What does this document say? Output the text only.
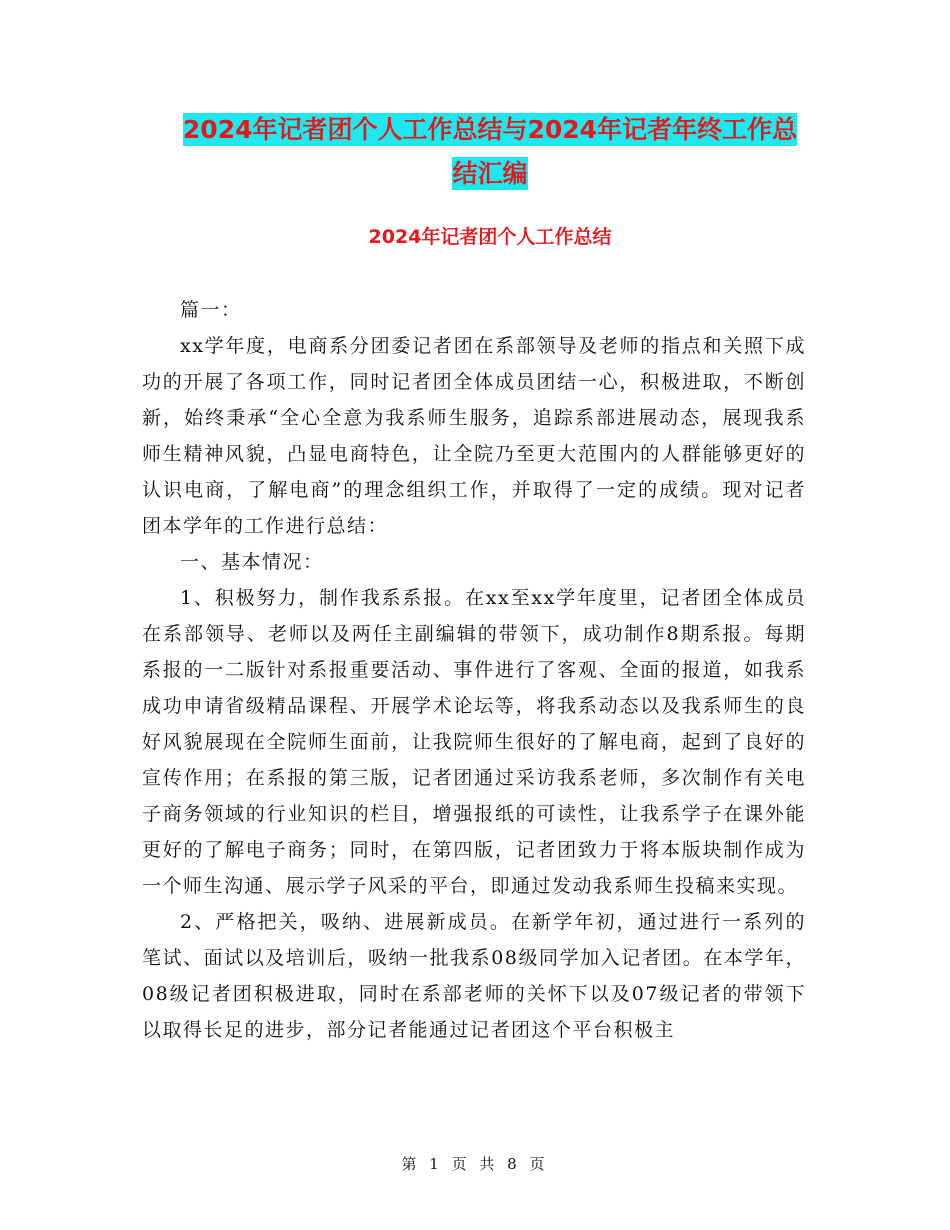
2024年记者团个人工作总结与2024年记者年终工作总
结汇编
2024年记者团个人工作总结

篇一：

xx学年度，电商系分团委记者团在系部领导及老师的指点和关照下成功的开展了各项工作，同时记者团全体成员团结一心，积极进取，不断创新，始终秉承“全心全意为我系师生服务，追踪系部进展动态，展现我系师生精神风貌，凸显电商特色，让全院乃至更大范围内的人群能够更好的认识电商，了解电商”的理念组织工作，并取得了一定的成绩。现对记者团本学年的工作进行总结：

一、基本情况：

1、积极努力，制作我系系报。在xx至xx学年度里，记者团全体成员在系部领导、老师以及两任主副编辑的带领下，成功制作8期系报。每期系报的一二版针对系报重要活动、事件进行了客观、全面的报道，如我系成功申请省级精品课程、开展学术论坛等，将我系动态以及我系师生的良好风貌展现在全院师生面前，让我院师生很好的了解电商，起到了良好的宣传作用；在系报的第三版，记者团通过采访我系老师，多次制作有关电子商务领域的行业知识的栏目，增强报纸的可读性，让我系学子在课外能更好的了解电子商务；同时，在第四版，记者团致力于将本版块制作成为一个师生沟通、展示学子风采的平台，即通过发动我系师生投稿来实现。

2、严格把关，吸纳、进展新成员。在新学年初，通过进行一系列的笔试、面试以及培训后，吸纳一批我系08级同学加入记者团。在本学年，08级记者团积极进取，同时在系部老师的关怀下以及07级记者的带领下以取得长足的进步，部分记者能通过记者团这个平台积极主

第 1 页 共 8 页
